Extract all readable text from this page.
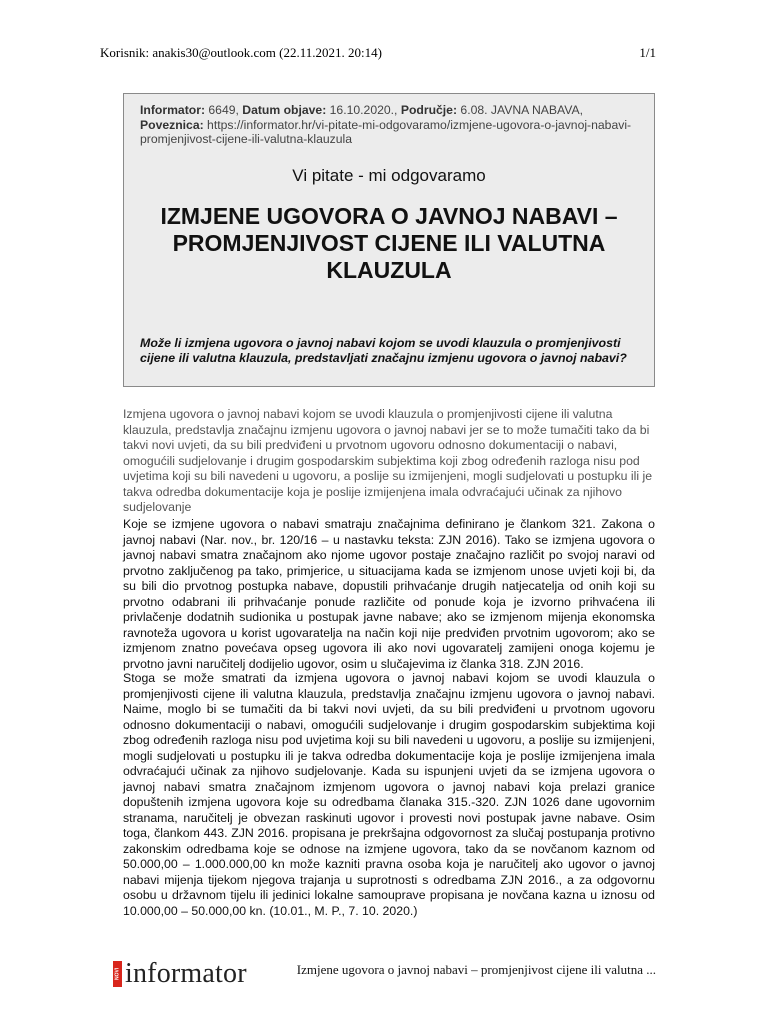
Korisnik: anakis30@outlook.com (22.11.2021. 20:14)	1/1
Informator: 6649, Datum objave: 16.10.2020., Područje: 6.08. JAVNA NABAVA,
Poveznica: https://informator.hr/vi-pitate-mi-odgovaramo/izmjene-ugovora-o-javnoj-nabavi-promjenjivost-cijene-ili-valutna-klauzula
Vi pitate - mi odgovaramo
IZMJENE UGOVORA O JAVNOJ NABAVI – PROMJENJIVOST CIJENE ILI VALUTNA KLAUZULA
Može li izmjena ugovora o javnoj nabavi kojom se uvodi klauzula o promjenjivosti cijene ili valutna klauzula, predstavljati značajnu izmjenu ugovora o javnoj nabavi?
Izmjena ugovora o javnoj nabavi kojom se uvodi klauzula o promjenjivosti cijene ili valutna klauzula, predstavlja značajnu izmjenu ugovora o javnoj nabavi jer se to može tumačiti tako da bi takvi novi uvjeti, da su bili predviđeni u prvotnom ugovoru odnosno dokumentaciji o nabavi, omogućili sudjelovanje i drugim gospodarskim subjektima koji zbog određenih razloga nisu pod uvjetima koji su bili navedeni u ugovoru, a poslije su izmijenjeni, mogli sudjelovati u postupku ili je takva odredba dokumentacije koja je poslije izmijenjena imala odvraćajući učinak za njihovo sudjelovanje
Koje se izmjene ugovora o nabavi smatraju značajnima definirano je člankom 321. Zakona o javnoj nabavi (Nar. nov., br. 120/16 – u nastavku teksta: ZJN 2016). Tako se izmjena ugovora o javnoj nabavi smatra značajnom ako njome ugovor postaje značajno različit po svojoj naravi od prvotno zaključenog pa tako, primjerice, u situacijama kada se izmjenom unose uvjeti koji bi, da su bili dio prvotnog postupka nabave, dopustili prihvaćanje drugih natjecatelja od onih koji su prvotno odabrani ili prihvaćanje ponude različite od ponude koja je izvorno prihvaćena ili privlačenje dodatnih sudionika u postupak javne nabave; ako se izmjenom mijenja ekonomska ravnoteža ugovora u korist ugovaratelja na način koji nije predviđen prvotnim ugovorom; ako se izmjenom znatno povećava opseg ugovora ili ako novi ugovaratelj zamijeni onoga kojemu je prvotno javni naručitelj dodijelio ugovor, osim u slučajevima iz članka 318. ZJN 2016.
Stoga se može smatrati da izmjena ugovora o javnoj nabavi kojom se uvodi klauzula o promjenjivosti cijene ili valutna klauzula, predstavlja značajnu izmjenu ugovora o javnoj nabavi. Naime, moglo bi se tumačiti da bi takvi novi uvjeti, da su bili predviđeni u prvotnom ugovoru odnosno dokumentaciji o nabavi, omogućili sudjelovanje i drugim gospodarskim subjektima koji zbog određenih razloga nisu pod uvjetima koji su bili navedeni u ugovoru, a poslije su izmijenjeni, mogli sudjelovati u postupku ili je takva odredba dokumentacije koja je poslije izmijenjena imala odvraćajući učinak za njihovo sudjelovanje. Kada su ispunjeni uvjeti da se izmjena ugovora o javnoj nabavi smatra značajnom izmjenom ugovora o javnoj nabavi koja prelazi granice dopuštenih izmjena ugovora koje su odredbama članaka 315.-320. ZJN 1026 dane ugovornim stranama, naručitelj je obvezan raskinuti ugovor i provesti novi postupak javne nabave. Osim toga, člankom 443. ZJN 2016. propisana je prekršajna odgovornost za slučaj postupanja protivno zakonskim odredbama koje se odnose na izmjene ugovora, tako da se novčanom kaznom od 50.000,00 – 1.000.000,00 kn može kazniti pravna osoba koja je naručitelj ako ugovor o javnoj nabavi mijenja tijekom njegova trajanja u suprotnosti s odredbama ZJN 2016., a za odgovornu osobu u državnom tijelu ili jedinici lokalne samouprave propisana je novčana kazna u iznosu od 10.000,00 – 50.000,00 kn. (10.01., M. P., 7. 10. 2020.)
NOVI informator	Izmjene ugovora o javnoj nabavi – promjenjivost cijene ili valutna ...
